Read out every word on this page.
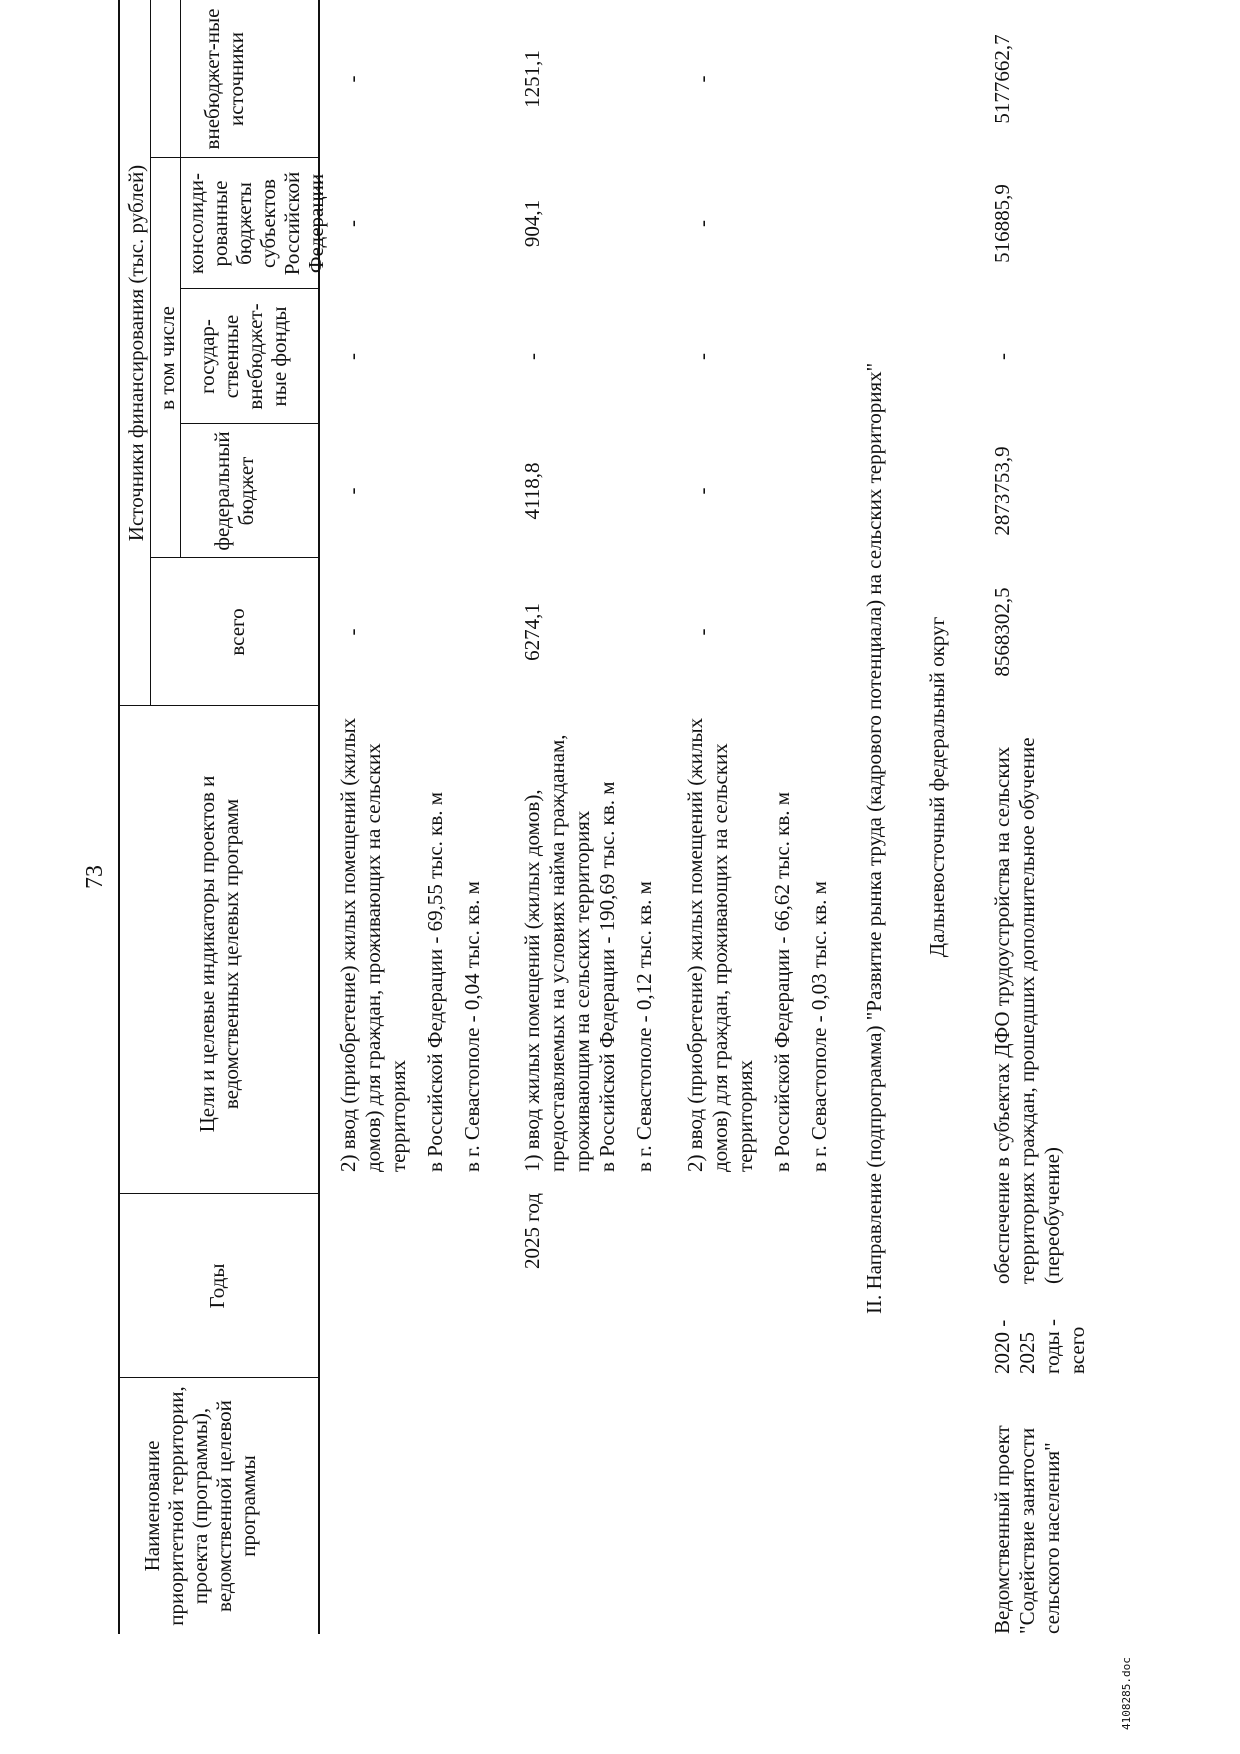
73
Наименование приоритетной территории, проекта (программы), ведомственной целевой программы
Годы
Цели и целевые индикаторы проектов и ведомственных целевых программ
Источники финансирования (тыс. рублей)
всего
в том числе
федеральный бюджет
государ-ственные внебюджет-ные фонды
консолиди-рованные бюджеты субъектов Российской Федерации
внебюджет-ные источники
2) ввод (приобретение) жилых помещений (жилых домов) для граждан, проживающих на сельских территориях в Российской Федерации - 69,55 тыс. кв. м в г. Севастополе - 0,04 тыс. кв. м
-
-
-
-
-
2025 год
1) ввод жилых помещений (жилых домов), предоставляемых на условиях найма гражданам, проживающим на сельских территориях в Российской Федерации - 190,69 тыс. кв. м в г. Севастополе - 0,12 тыс. кв. м
6274,1
4118,8
-
904,1
1251,1
2) ввод (приобретение) жилых помещений (жилых домов) для граждан, проживающих на сельских территориях в Российской Федерации - 66,62 тыс. кв. м в г. Севастополе - 0,03 тыс. кв. м
-
-
-
-
-
II. Направление (подпрограмма) "Развитие рынка труда (кадрового потенциала) на сельских территориях" Дальневосточный федеральный округ
Ведомственный проект "Содействие занятости сельского населения"
2020 - 2025 годы - всего
обеспечение в субъектах ДФО трудоустройства на сельских территориях граждан, прошедших дополнительное обучение (переобучение)
8568302,5
2873753,9
-
516885,9
5177662,7
4108285.doc
